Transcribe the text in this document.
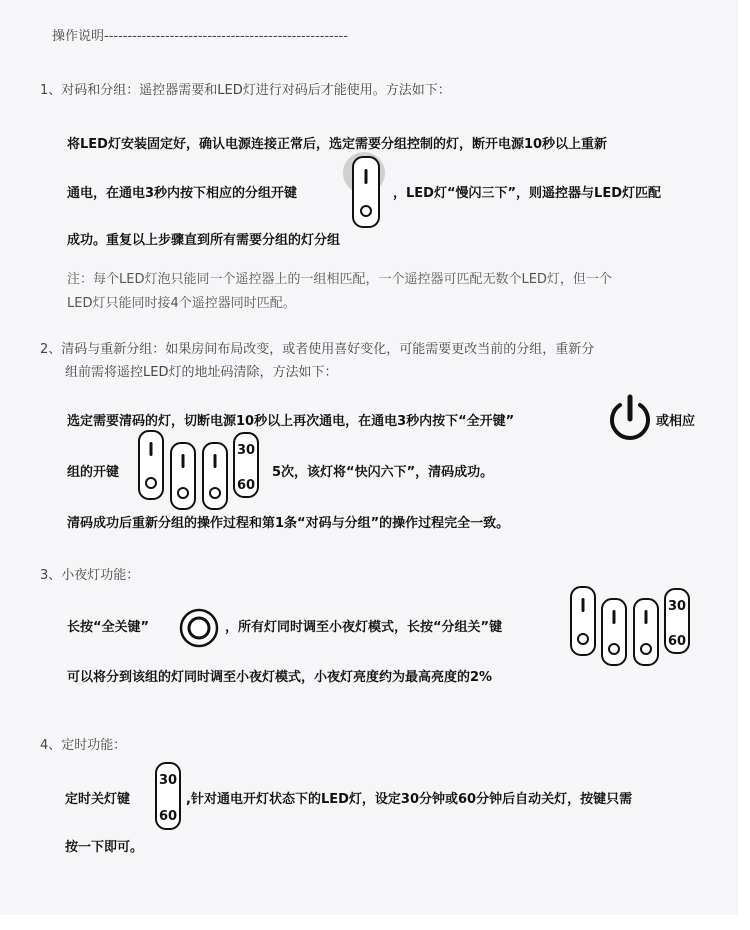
操作说明----------------------------------------------------
1、对码和分组：遥控器需要和LED灯进行对码后才能使用。方法如下：
将LED灯安装固定好，确认电源连接正常后，选定需要分组控制的灯，断开电源10秒以上重新
通电，在通电3秒内按下相应的分组开键	，LED灯“慢闪三下”，则遥控器与LED灯匹配
成功。重复以上步骤直到所有需要分组的灯分组
注：每个LED灯泡只能同一个遥控器上的一组相匹配，一个遥控器可匹配无数个LED灯，但一个
LED灯只能同时接4个遥控器同时匹配。
2、清码与重新分组：如果房间布局改变，或者使用喜好变化，可能需要更改当前的分组，重新分
组前需将遥控LED灯的地址码清除，方法如下：
选定需要清码的灯，切断电源10秒以上再次通电，在通电3秒内按下“全开键”	或相应
组的开键
30
60
5次，该灯将“快闪六下”，清码成功。
清码成功后重新分组的操作过程和第1条“对码与分组”的操作过程完全一致。
3、小夜灯功能：
长按“全关键”	，所有灯同时调至小夜灯模式，长按“分组关”键
30
60
可以将分到该组的灯同时调至小夜灯模式，小夜灯亮度约为最高亮度的2%
4、定时功能：
定时关灯键
30
60
,针对通电开灯状态下的LED灯，设定30分钟或60分钟后自动关灯，按键只需
按一下即可。
